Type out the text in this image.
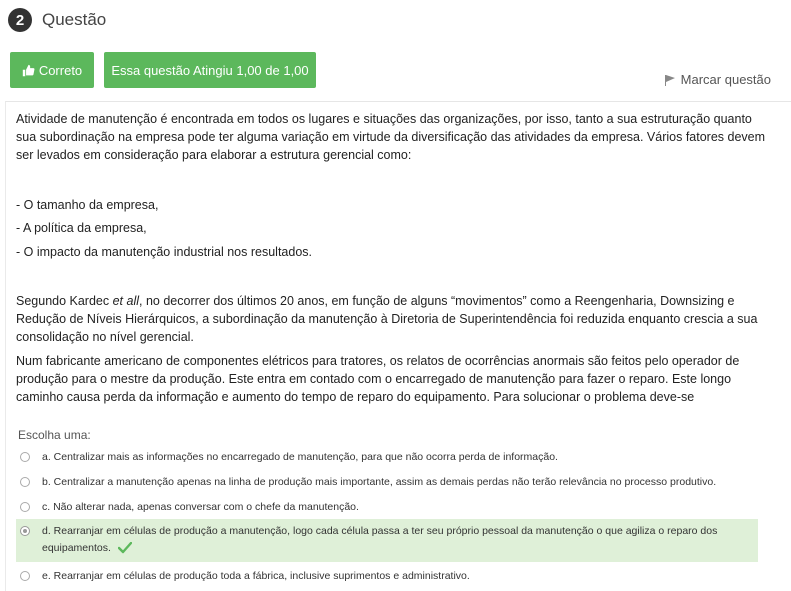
2	Questão
Correto Essa questão Atingiu 1,00 de 1,00
Marcar questão
Atividade de manutenção é encontrada em todos os lugares e situações das organizações, por isso, tanto a sua estruturação quanto sua subordinação na empresa pode ter alguma variação em virtude da diversificação das atividades da empresa. Vários fatores devem ser levados em consideração para elaborar a estrutura gerencial como:
- O tamanho da empresa,
- A política da empresa,
- O impacto da manutenção industrial nos resultados.
Segundo Kardec et all, no decorrer dos últimos 20 anos, em função de alguns “movimentos” como a Reengenharia, Downsizing e Redução de Níveis Hierárquicos, a subordinação da manutenção à Diretoria de Superintendência foi reduzida enquanto crescia a sua consolidação no nível gerencial.
Num fabricante americano de componentes elétricos para tratores, os relatos de ocorrências anormais são feitos pelo operador de produção para o mestre da produção. Este entra em contado com o encarregado de manutenção para fazer o reparo. Este longo caminho causa perda da informação e aumento do tempo de reparo do equipamento. Para solucionar o problema deve-se
Escolha uma:
a. Centralizar mais as informações no encarregado de manutenção, para que não ocorra perda de informação.
b. Centralizar a manutenção apenas na linha de produção mais importante, assim as demais perdas não terão relevância no processo produtivo.
c. Não alterar nada, apenas conversar com o chefe da manutenção.
d. Rearranjar em células de produção a manutenção, logo cada célula passa a ter seu próprio pessoal da manutenção o que agiliza o reparo dos equipamentos.
e. Rearranjar em células de produção toda a fábrica, inclusive suprimentos e administrativo.
